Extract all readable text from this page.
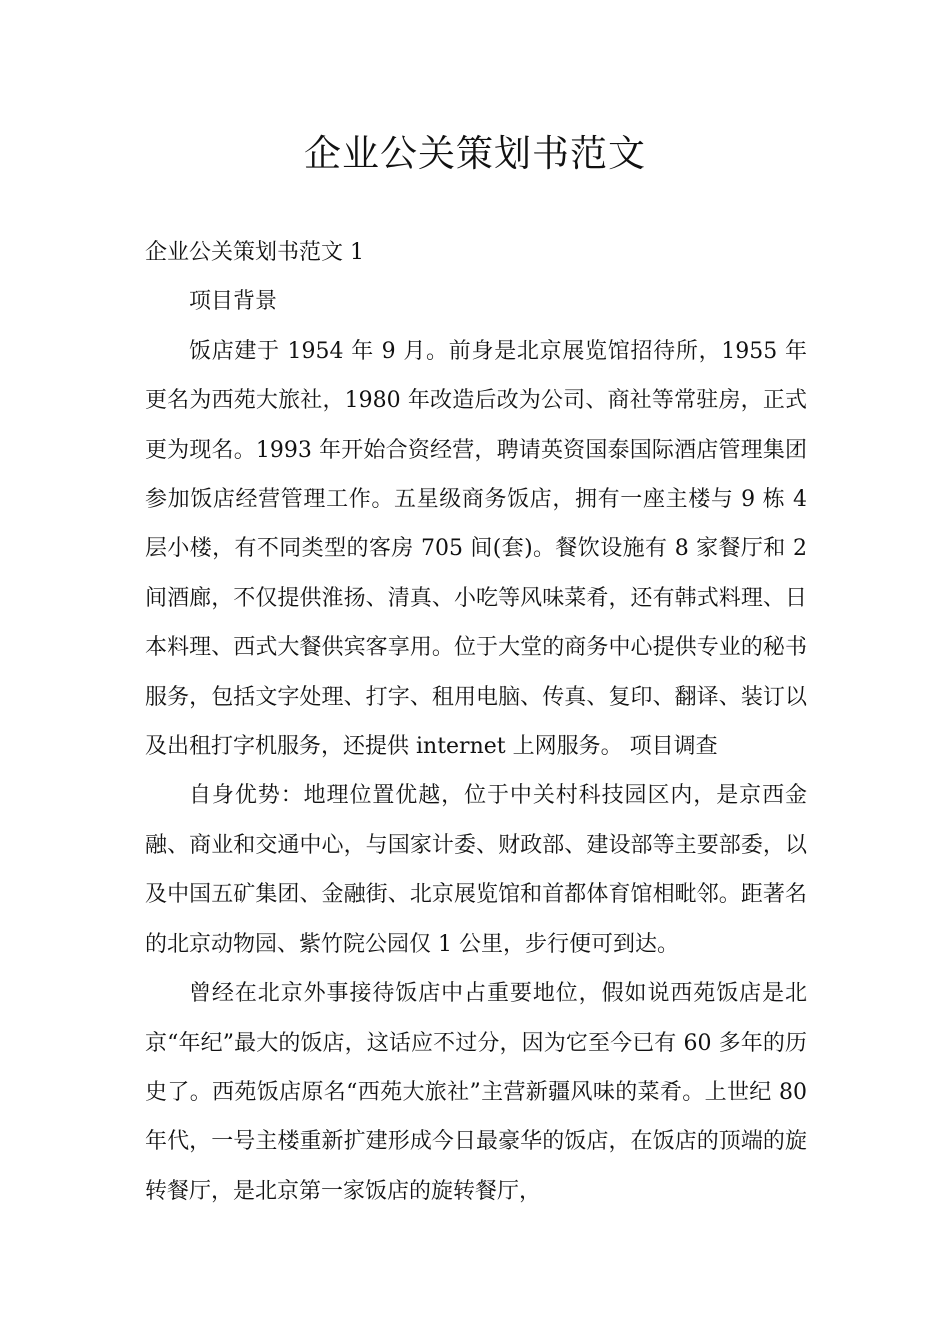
企业公关策划书范文

企业公关策划书范文 1

项目背景

饭店建于 1954 年 9 月。前身是北京展览馆招待所，1955 年更名为西苑大旅社，1980 年改造后改为公司、商社等常驻房，正式更为现名。1993 年开始合资经营，聘请英资国泰国际酒店管理集团参加饭店经营管理工作。五星级商务饭店，拥有一座主楼与 9 栋 4 层小楼，有不同类型的客房 705 间(套)。餐饮设施有 8 家餐厅和 2 间酒廊，不仅提供淮扬、清真、小吃等风味菜肴，还有韩式料理、日本料理、西式大餐供宾客享用。位于大堂的商务中心提供专业的秘书服务，包括文字处理、打字、租用电脑、传真、复印、翻译、装订以及出租打字机服务，还提供 internet 上网服务。 项目调查

自身优势：地理位置优越，位于中关村科技园区内，是京西金融、商业和交通中心，与国家计委、财政部、建设部等主要部委，以及中国五矿集团、金融街、北京展览馆和首都体育馆相毗邻。距著名的北京动物园、紫竹院公园仅 1 公里，步行便可到达。

曾经在北京外事接待饭店中占重要地位，假如说西苑饭店是北京“年纪”最大的饭店，这话应不过分，因为它至今已有 60 多年的历史了。西苑饭店原名“西苑大旅社”主营新疆风味的菜肴。上世纪 80 年代，一号主楼重新扩建形成今日最豪华的饭店，在饭店的顶端的旋转餐厅，是北京第一家饭店的旋转餐厅，
